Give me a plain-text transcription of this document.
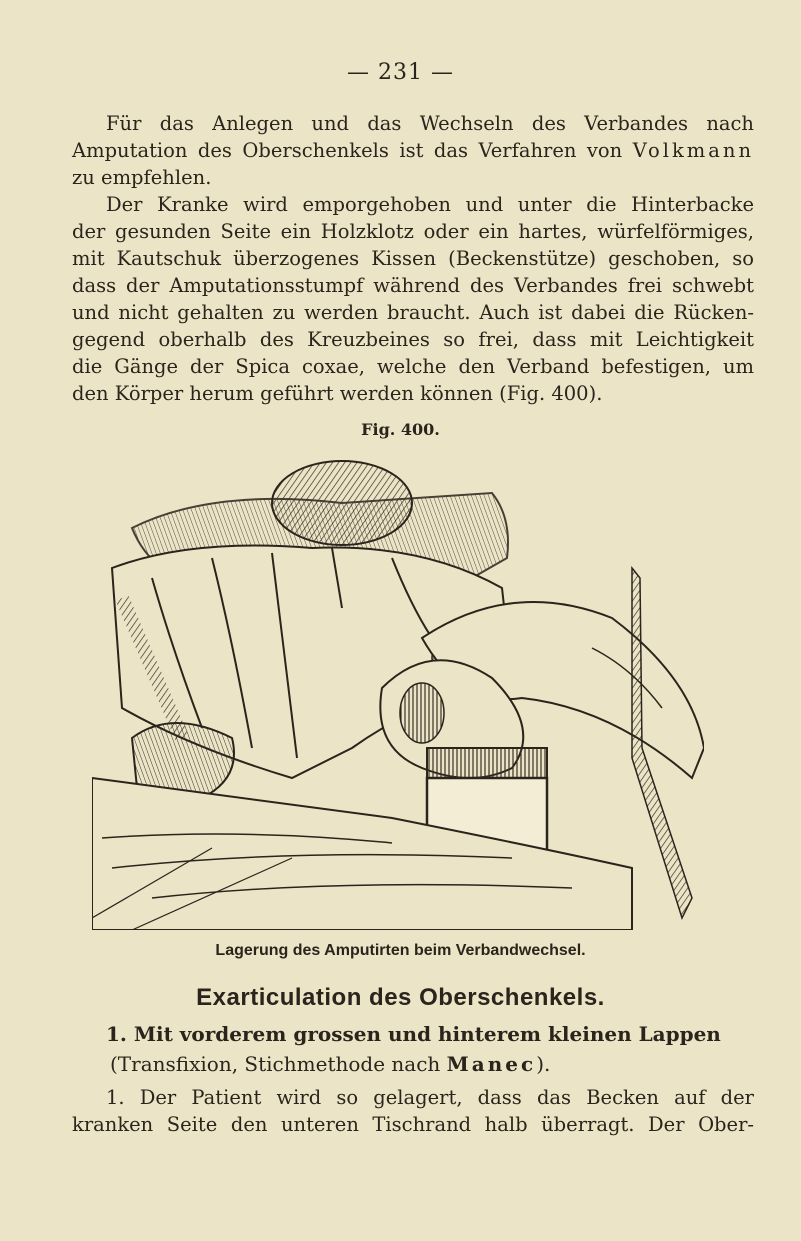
— 231 —
Für das Anlegen und das Wechseln des Verbandes nach
Amputation des Oberschenkels ist das Verfahren von Volkmann
zu empfehlen.
Der Kranke wird emporgehoben und unter die Hinterbacke
der gesunden Seite ein Holzklotz oder ein hartes, würfelförmiges,
mit Kautschuk überzogenes Kissen (Beckenstütze) geschoben, so
dass der Amputationsstumpf während des Verbandes frei schwebt
und nicht gehalten zu werden braucht. Auch ist dabei die Rücken-
gegend oberhalb des Kreuzbeines so frei, dass mit Leichtigkeit
die Gänge der Spica coxae, welche den Verband befestigen, um
den Körper herum geführt werden können (Fig. 400).
Fig. 400.
Lagerung des Amputirten beim Verbandwechsel.
Exarticulation des Oberschenkels.
1. Mit vorderem grossen und hinterem kleinen Lappen
(Transfixion, Stichmethode nach Manec).
1. Der Patient wird so gelagert, dass das Becken auf der
kranken Seite den unteren Tischrand halb überragt. Der Ober-
